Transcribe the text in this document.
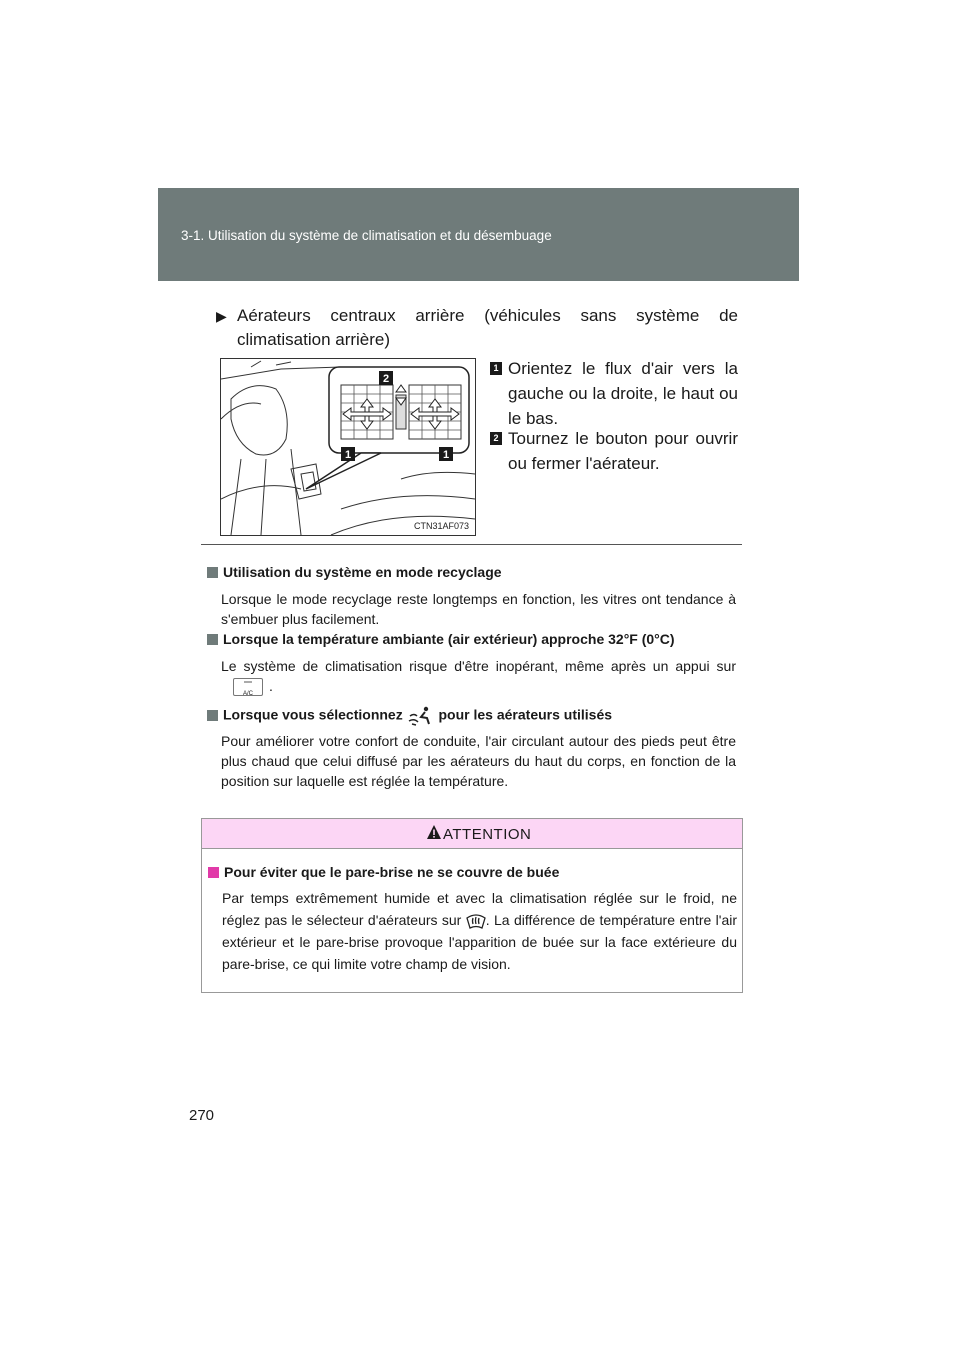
3-1. Utilisation du système de climatisation et du désembuage
▶ Aérateurs centraux arrière (véhicules sans système de
climatisation arrière)
2
1	1
CTN31AF073
1 Orientez le flux d'air vers la gauche ou la droite, le haut ou le bas.
2 Tournez le bouton pour ouvrir ou fermer l'aérateur.
Utilisation du système en mode recyclage
Lorsque le mode recyclage reste longtemps en fonction, les vitres ont tendance à s'embuer plus facilement.
Lorsque la température ambiante (air extérieur) approche 32°F (0°C)
Le système de climatisation risque d'être inopérant, même après un appui sur
A/C
.
Lorsque vous sélectionnez	pour les aérateurs utilisés
Pour améliorer votre confort de conduite, l'air circulant autour des pieds peut être plus chaud que celui diffusé par les aérateurs du haut du corps, en fonction de la position sur laquelle est réglée la température.
ATTENTION
Pour éviter que le pare-brise ne se couvre de buée
Par temps extrêmement humide et avec la climatisation réglée sur le froid, ne réglez pas le sélecteur d'aérateurs sur . La différence de température entre l'air extérieur et le pare-brise provoque l'apparition de buée sur la face extérieure du pare-brise, ce qui limite votre champ de vision.
270
